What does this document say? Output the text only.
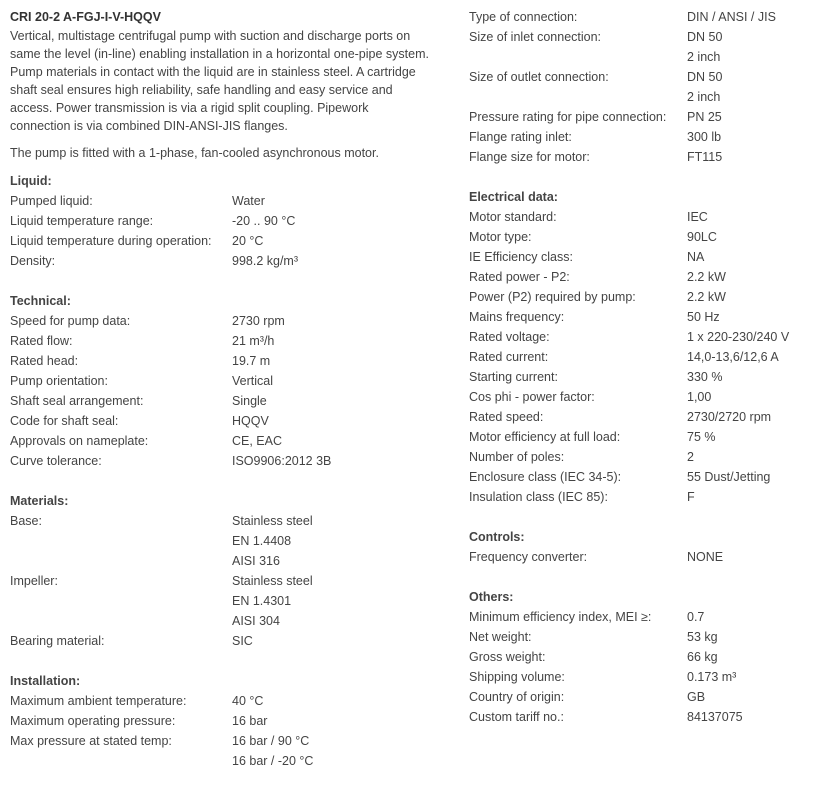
CRI 20-2 A-FGJ-I-V-HQQV
Vertical, multistage centrifugal pump with suction and discharge ports on
same the level (in-line) enabling installation in a horizontal one-pipe system.
Pump materials in contact with the liquid are in stainless steel. A cartridge
shaft seal ensures high reliability, safe handling and easy service and
access. Power transmission is via a rigid split coupling. Pipework
connection is via combined DIN-ANSI-JIS flanges.
The pump is fitted with a 1-phase, fan-cooled asynchronous motor.
Liquid:
Pumped liquid:	Water
Liquid temperature range:	-20 .. 90 °C
Liquid temperature during operation:	20 °C
Density:	998.2 kg/m³
Technical:
Speed for pump data:	2730 rpm
Rated flow:	21 m³/h
Rated head:	19.7 m
Pump orientation:	Vertical
Shaft seal arrangement:	Single
Code for shaft seal:	HQQV
Approvals on nameplate:	CE, EAC
Curve tolerance:	ISO9906:2012 3B
Materials:
Base:	Stainless steel
EN 1.4408
AISI 316
Impeller:	Stainless steel
EN 1.4301
AISI 304
Bearing material:	SIC
Installation:
Maximum ambient temperature:	40 °C
Maximum operating pressure:	16 bar
Max pressure at stated temp:	16 bar / 90 °C
16 bar / -20 °C
Type of connection:	DIN / ANSI / JIS
Size of inlet connection:	DN 50
2 inch
Size of outlet connection:	DN 50
2 inch
Pressure rating for pipe connection:	PN 25
Flange rating inlet:	300 lb
Flange size for motor:	FT115
Electrical data:
Motor standard:	IEC
Motor type:	90LC
IE Efficiency class:	NA
Rated power - P2:	2.2 kW
Power (P2) required by pump:	2.2 kW
Mains frequency:	50 Hz
Rated voltage:	1 x 220-230/240 V
Rated current:	14,0-13,6/12,6 A
Starting current:	330 %
Cos phi - power factor:	1,00
Rated speed:	2730/2720 rpm
Motor efficiency at full load:	75 %
Number of poles:	2
Enclosure class (IEC 34-5):	55 Dust/Jetting
Insulation class (IEC 85):	F
Controls:
Frequency converter:	NONE
Others:
Minimum efficiency index, MEI ≥:	0.7
Net weight:	53 kg
Gross weight:	66 kg
Shipping volume:	0.173 m³
Country of origin:	GB
Custom tariff no.:	84137075
